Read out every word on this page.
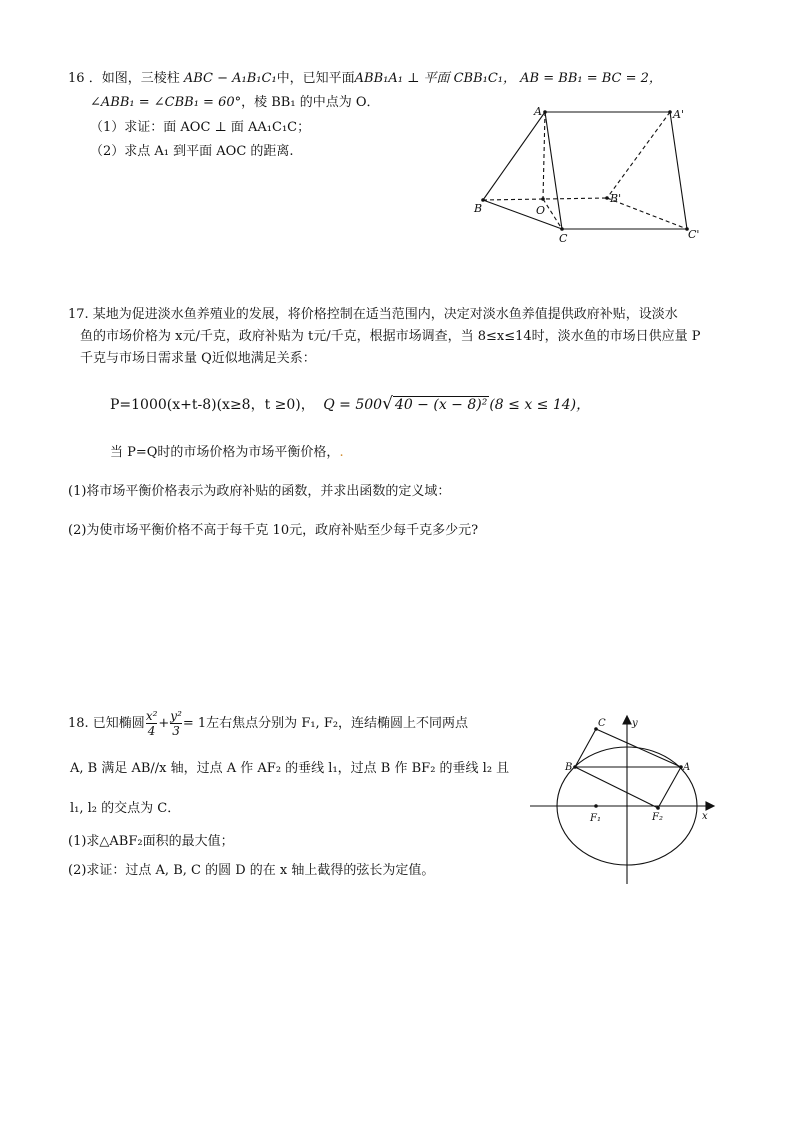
16 ．如图，三棱柱 ABC − A₁B₁C₁中，已知平面ABB₁A₁ ⊥ 平面 CBB₁C₁， AB = BB₁ = BC = 2，
∠ABB₁ = ∠CBB₁ = 60°，棱 BB₁ 的中点为 O．
（1）求证：面 AOC ⊥ 面 AA₁C₁C；
（2）求点 A₁ 到平面 AOC 的距离.
A	A'
B
B'
O
C	C'
17. 某地为促进淡水鱼养殖业的发展，将价格控制在适当范围内，决定对淡水鱼养值提供政府补贴，设淡水
鱼的市场价格为 x元/千克，政府补贴为 t元/千克，根据市场调查，当 8≤x≤14时，淡水鱼的市场日供应量 P
千克与市场日需求量 Q近似地满足关系：
P=1000(x+t-8)(x≥8，t ≥0)， Q = 500√ 40 − (x − 8)² (8 ≤ x ≤ 14)，
当 P=Q时的市场价格为市场平衡价格，.
(1)将市场平衡价格表示为政府补贴的函数，并求出函数的定义域：
(2)为使市场平衡价格不高于每千克 10元，政府补贴至少每千克多少元?
18. 已知椭圆 $\frac{\text{x²}}{4} + \frac{\text{y²}}{3} = 1$左右焦点分别为 F₁, F₂，连结椭圆上不同两点
A, B 满足 AB//x 轴，过点 A 作 AF₂ 的垂线 l₁，过点 B 作 BF₂ 的垂线 l₂ 且
l₁, l₂ 的交点为 C．
(1)求△ABF₂面积的最大值；
(2)求证：过点 A, B, C 的圆 D 的在 x 轴上截得的弦长为定值。
C	y
B	A
F₁	F₂	x
